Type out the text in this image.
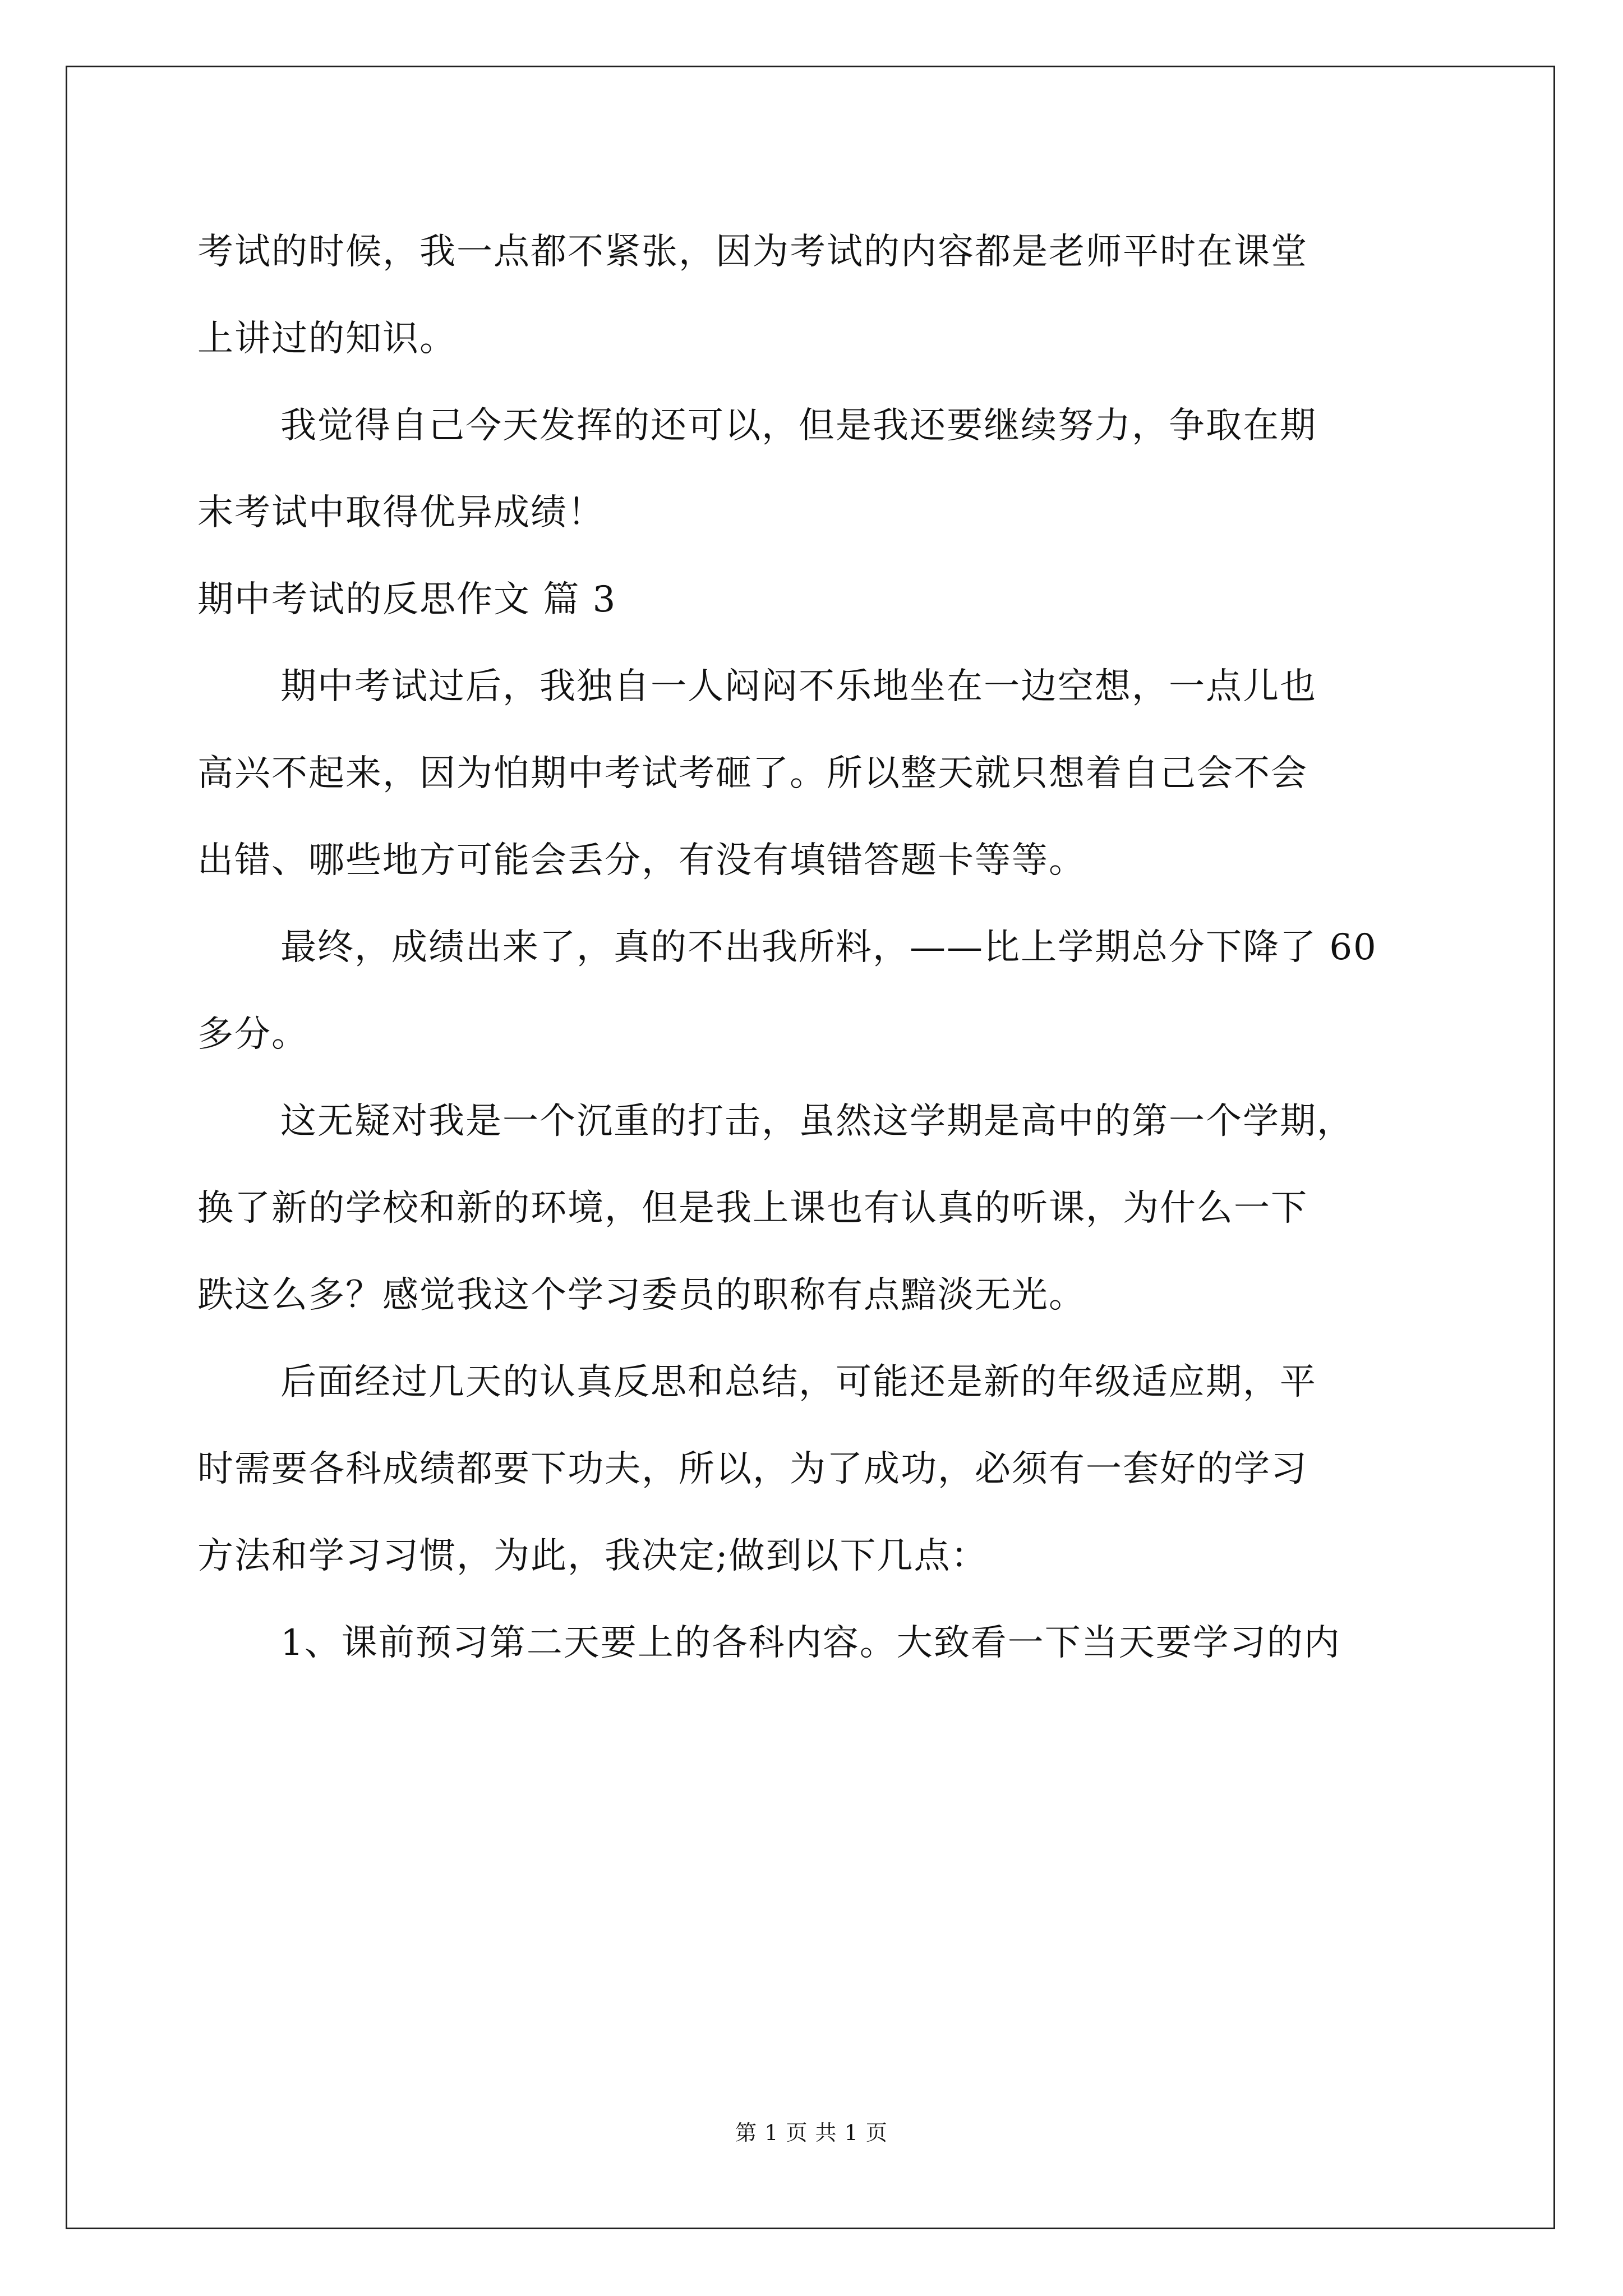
考试的时候，我一点都不紧张，因为考试的内容都是老师平时在课堂
上讲过的知识。
我觉得自己今天发挥的还可以，但是我还要继续努力，争取在期
末考试中取得优异成绩！
期中考试的反思作文 篇 3
期中考试过后，我独自一人闷闷不乐地坐在一边空想，一点儿也
高兴不起来，因为怕期中考试考砸了。所以整天就只想着自己会不会
出错、哪些地方可能会丢分，有没有填错答题卡等等。
最终，成绩出来了，真的不出我所料，——比上学期总分下降了 60
多分。
这无疑对我是一个沉重的打击，虽然这学期是高中的第一个学期，
换了新的学校和新的环境，但是我上课也有认真的听课，为什么一下
跌这么多？感觉我这个学习委员的职称有点黯淡无光。
后面经过几天的认真反思和总结，可能还是新的年级适应期，平
时需要各科成绩都要下功夫，所以，为了成功，必须有一套好的学习
方法和学习习惯，为此，我决定;做到以下几点：
1、课前预习第二天要上的各科内容。大致看一下当天要学习的内
第 1 页 共 1 页
